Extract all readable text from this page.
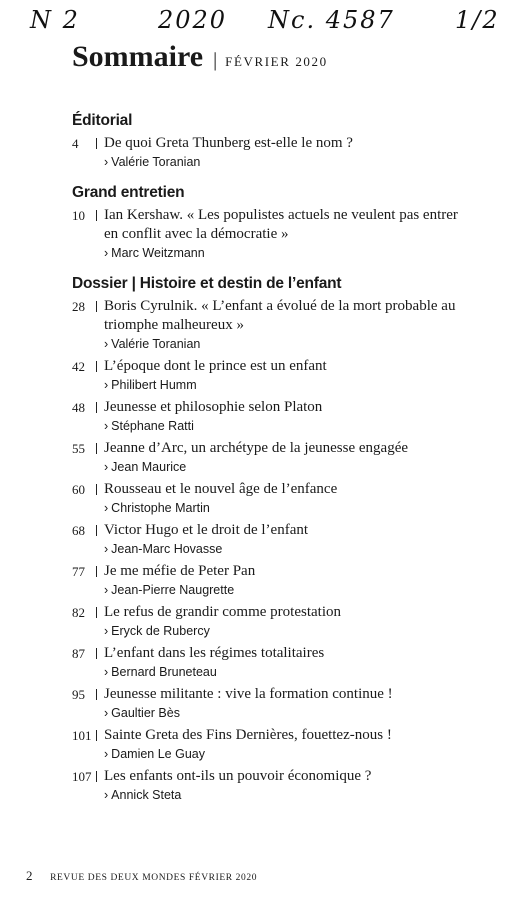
N 2	2020 Nc. 4587	1/2
Sommaire | FÉVRIER 2020
Éditorial
4	De quoi Greta Thunberg est-elle le nom ?
› Valérie Toranian
Grand entretien
10	Ian Kershaw. « Les populistes actuels ne veulent pas entrer en conflit avec la démocratie »
› Marc Weitzmann
Dossier | Histoire et destin de l’enfant
28	Boris Cyrulnik. « L’enfant a évolué de la mort probable au triomphe malheureux »
› Valérie Toranian
42	L’époque dont le prince est un enfant
› Philibert Humm
48	Jeunesse et philosophie selon Platon
› Stéphane Ratti
55	Jeanne d’Arc, un archétype de la jeunesse engagée
› Jean Maurice
60	Rousseau et le nouvel âge de l’enfance
› Christophe Martin
68	Victor Hugo et le droit de l’enfant
› Jean-Marc Hovasse
77	Je me méfie de Peter Pan
› Jean-Pierre Naugrette
82	Le refus de grandir comme protestation
› Eryck de Rubercy
87	L’enfant dans les régimes totalitaires
› Bernard Bruneteau
95	Jeunesse militante : vive la formation continue !
› Gaultier Bès
101 Sainte Greta des Fins Dernières, fouettez-nous !
› Damien Le Guay
107 Les enfants ont-ils un pouvoir économique ?
› Annick Steta
2 REVUE DES DEUX MONDES FÉVRIER 2020
